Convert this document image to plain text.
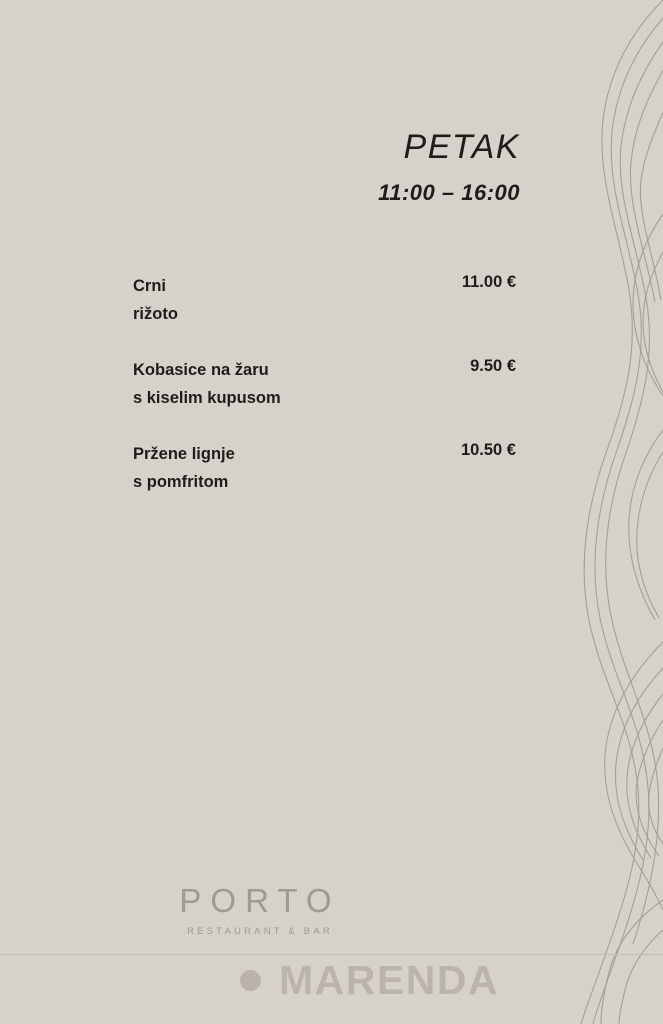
PETAK
11:00 – 16:00
Crni
rižoto
11.00 €
Kobasice na žaru
s kiselim kupusom
9.50 €
Pržene lignje
s pomfritom
10.50 €
PORTO
RESTAURANT & BAR
MARENDA
